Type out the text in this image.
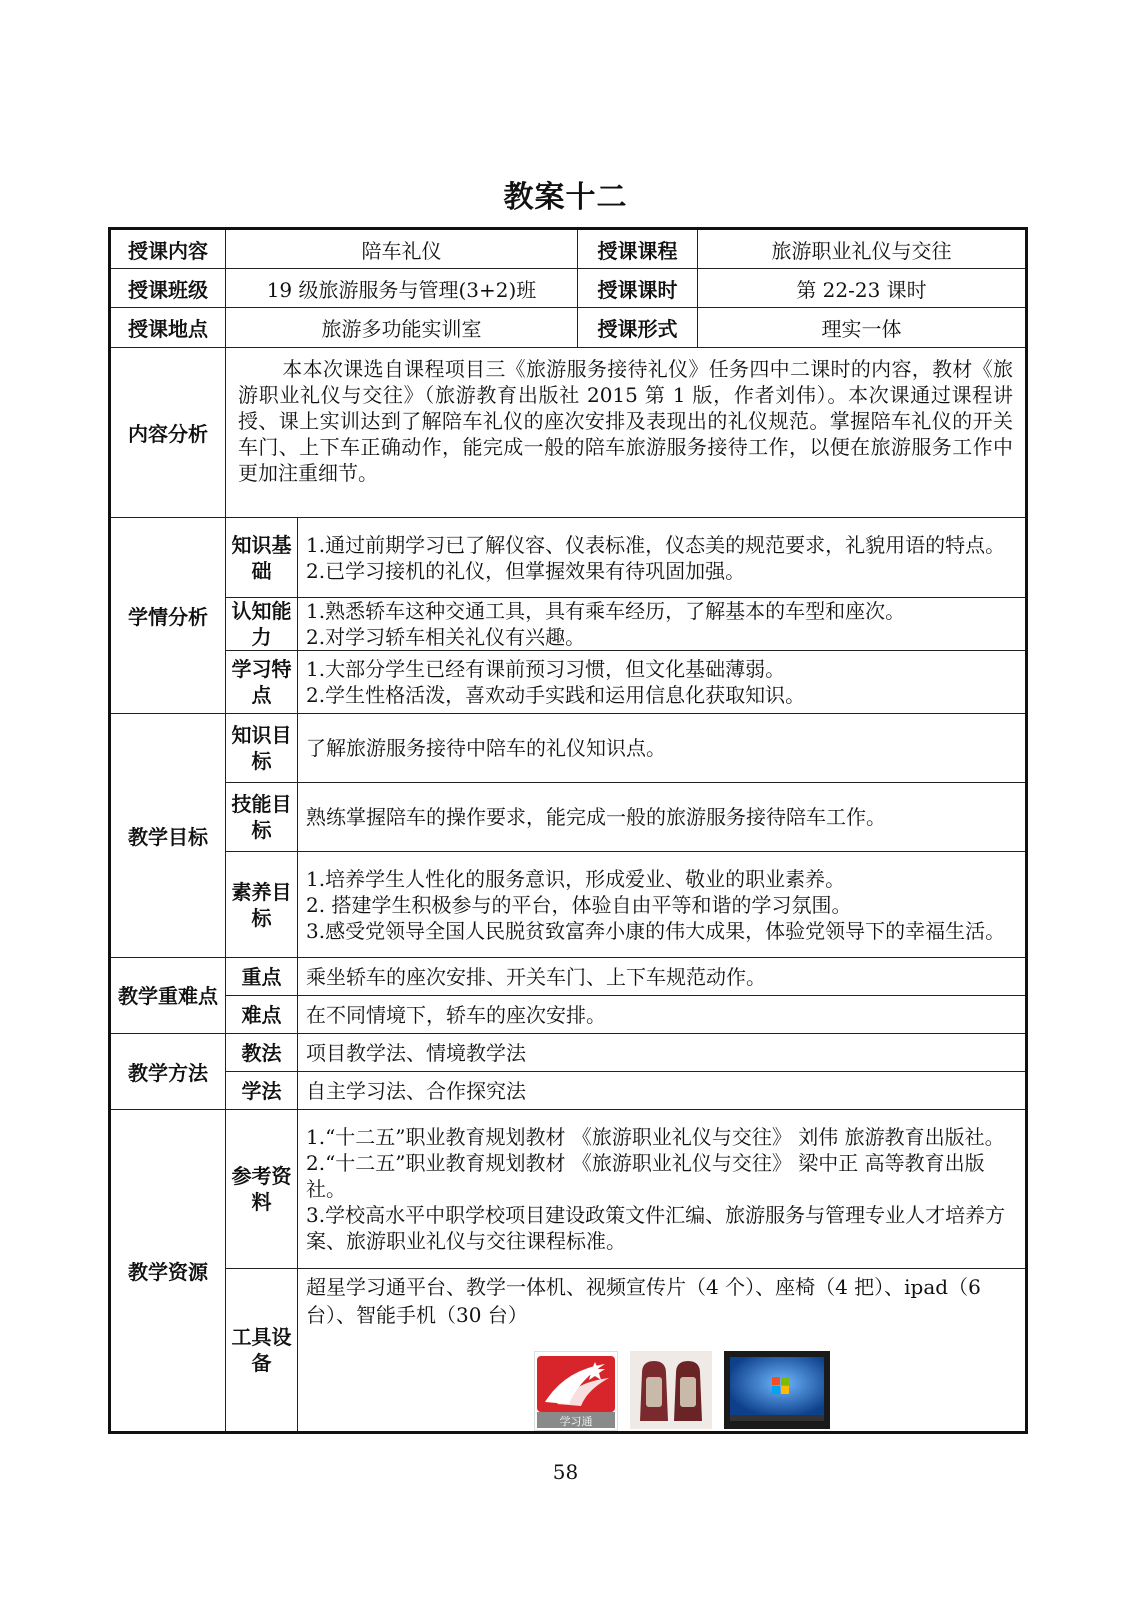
教案十二
授课内容	陪车礼仪		授课课程	旅游职业礼仪与交往
授课班级	19 级旅游服务与管理(3+2)班		授课课时	第 22-23 课时
授课地点	旅游多功能实训室		授课形式	理实一体
内容分析	本本次课选自课程项目三《旅游服务接待礼仪》任务四中二课时的内容，教材《旅游职业礼仪与交往》（旅游教育出版社 2015 第 1 版，作者刘伟）。本次课通过课程讲授、课上实训达到了解陪车礼仪的座次安排及表现出的礼仪规范。掌握陪车礼仪的开关车门、上下车正确动作，能完成一般的陪车旅游服务接待工作，以便在旅游服务工作中更加注重细节。			
学情分析	知识基础	1.通过前期学习已了解仪容、仪表标准，仪态美的规范要求，礼貌用语的特点。
2.已学习接机的礼仪，但掌握效果有待巩固加强。		

	认知能力	1.熟悉轿车这种交通工具，具有乘车经历，了解基本的车型和座次。
2.对学习轿车相关礼仪有兴趣。		

	学习特点	1.大部分学生已经有课前预习习惯，但文化基础薄弱。
2.学生性格活泼，喜欢动手实践和运用信息化获取知识。		

教学目标	知识目标	了解旅游服务接待中陪车的礼仪知识点。		

	技能目标	熟练掌握陪车的操作要求，能完成一般的旅游服务接待陪车工作。		

	素养目标	1.培养学生人性化的服务意识，形成爱业、敬业的职业素养。
2. 搭建学生积极参与的平台，体验自由平等和谐的学习氛围。
3.感受党领导全国人民脱贫致富奔小康的伟大成果，体验党领导下的幸福生活。		

教学重难点	重点	乘坐轿车的座次安排、开关车门、上下车规范动作。		

	难点	在不同情境下，轿车的座次安排。		

教学方法	教法	项目教学法、情境教学法		

	学法	自主学习法、合作探究法		

教学资源	参考资料	1.“十二五”职业教育规划教材 《旅游职业礼仪与交往》 刘伟 旅游教育出版社。
2.“十二五”职业教育规划教材 《旅游职业礼仪与交往》 梁中正 高等教育出版社。
3.学校高水平中职学校项目建设政策文件汇编、旅游服务与管理专业人才培养方案、旅游职业礼仪与交往课程标准。		

	工具设备	超星学习通平台、教学一体机、视频宣传片（4 个）、座椅（4 把）、ipad（6 台）、智能手机（30 台）
学习通		
58
